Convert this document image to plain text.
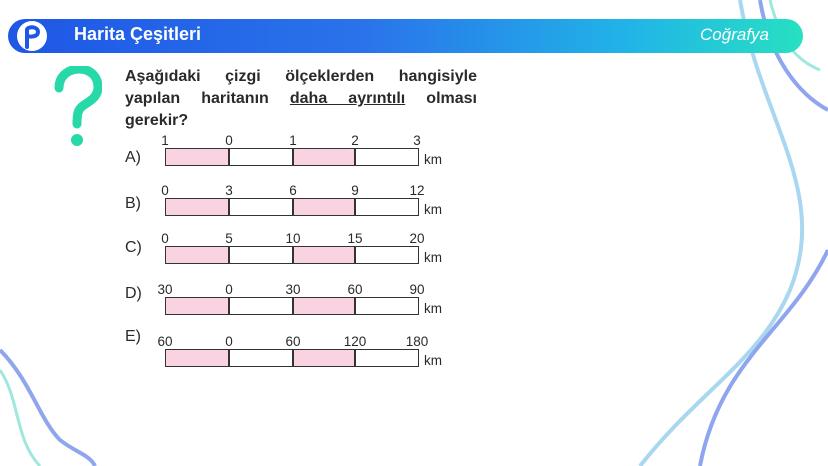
Harita Çeşitleri	Coğrafya
Aşağıdaki çizgi ölçeklerden hangisiyle
yapılan haritanın daha ayrıntılı olması
gerekir?
A)
1	0	1	2	3
km
B)
0	3	6	9	12
km
C)
0	5	10	15	20
km
D) 30	0	30	60	90
km
E) 60	0	60	120	180
km
